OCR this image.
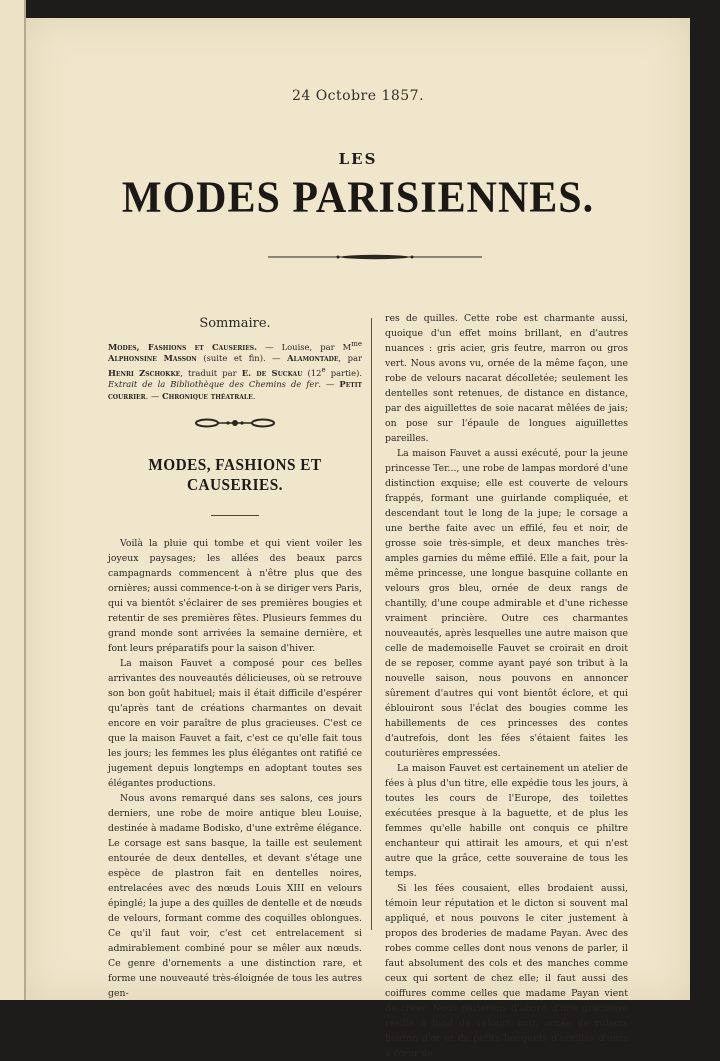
24 Octobre 1857.
LES
MODES PARISIENNES.
Sommaire.

Modes, Fashions et Causeries. — Louise, par $M^{me}$ Alphonsine Masson (suite et fin). — Alamontade, par Henri Zschokke, traduit par E. de Suckau (12e partie). Extrait de la Bibliothèque des Chemins de fer. — Petit courrier. — Chronique théatrale.

MODES, FASHIONS ET CAUSERIES.

Voilà la pluie qui tombe et qui vient voiler les joyeux paysages; les allées des beaux parcs campagnards commencent à n'être plus que des ornières; aussi commence-t-on à se diriger vers Paris, qui va bientôt s'éclairer de ses premières bougies et retentir de ses premières fêtes. Plusieurs femmes du grand monde sont arrivées la semaine dernière, et font leurs préparatifs pour la saison d'hiver.

La maison Fauvet a composé pour ces belles arrivantes des nouveautés délicieuses, où se retrouve son bon goût habituel; mais il était difficile d'espérer qu'après tant de créations charmantes on devait encore en voir paraître de plus gracieuses. C'est ce que la maison Fauvet a fait, c'est ce qu'elle fait tous les jours; les femmes les plus élégantes ont ratifié ce jugement depuis longtemps en adoptant toutes ses élégantes productions.

Nous avons remarqué dans ses salons, ces jours derniers, une robe de moire antique bleu Louise, destinée à madame Bodisko, d'une extrême élégance. Le corsage est sans basque, la taille est seulement entourée de deux dentelles, et devant s'étage une espèce de plastron fait en dentelles noires, entrelacées avec des nœuds Louis XIII en velours épinglé; la jupe a des quilles de dentelle et de nœuds de velours, formant comme des coquilles oblongues. Ce qu'il faut voir, c'est cet entrelacement si admirablement combiné pour se mêler aux nœuds. Ce genre d'ornements a une distinction rare, et forme une nouveauté très-éloignée de tous les autres gen-

res de quilles. Cette robe est charmante aussi, quoique d'un effet moins brillant, en d'autres nuances : gris acier, gris feutre, marron ou gros vert. Nous avons vu, ornée de la même façon, une robe de velours nacarat décolletée; seulement les dentelles sont retenues, de distance en distance, par des aiguillettes de soie nacarat mêlées de jais; on pose sur l'épaule de longues aiguillettes pareilles.

La maison Fauvet a aussi exécuté, pour la jeune princesse Ter..., une robe de lampas mordoré d'une distinction exquise; elle est couverte de velours frappés, formant une guirlande compliquée, et descendant tout le long de la jupe; le corsage a une berthe faite avec un effilé, feu et noir, de grosse soie très-simple, et deux manches très-amples garnies du même effilé. Elle a fait, pour la même princesse, une longue basquine collante en velours gros bleu, ornée de deux rangs de chantilly, d'une coupe admirable et d'une richesse vraiment princière. Outre ces charmantes nouveautés, après lesquelles une autre maison que celle de mademoiselle Fauvet se croirait en droit de se reposer, comme ayant payé son tribut à la nouvelle saison, nous pouvons en annoncer sûrement d'autres qui vont bientôt éclore, et qui éblouiront sous l'éclat des bougies comme les habillements de ces princesses des contes d'autrefois, dont les fées s'étaient faites les couturières empressées.

La maison Fauvet est certainement un atelier de fées à plus d'un titre, elle expédie tous les jours, à toutes les cours de l'Europe, des toilettes exécutées presque à la baguette, et de plus les femmes qu'elle habille ont conquis ce philtre enchanteur qui attirait les amours, et qui n'est autre que la grâce, cette souveraine de tous les temps.

Si les fées cousaient, elles brodaient aussi, témoin leur réputation et le dicton si souvent mal appliqué, et nous pouvons le citer justement à propos des broderies de madame Payan. Avec des robes comme celles dont nous venons de parler, il faut absolument des cols et des manches comme ceux qui sortent de chez elle; il faut aussi des coiffures comme celles que madame Payan vient de créer. Nous parlerons d'abord d'une gracieuse résille à fond de velours noir, ornée de rubans bouton d'or et de petits bouquets d'oreilles d'ours à cœur de
